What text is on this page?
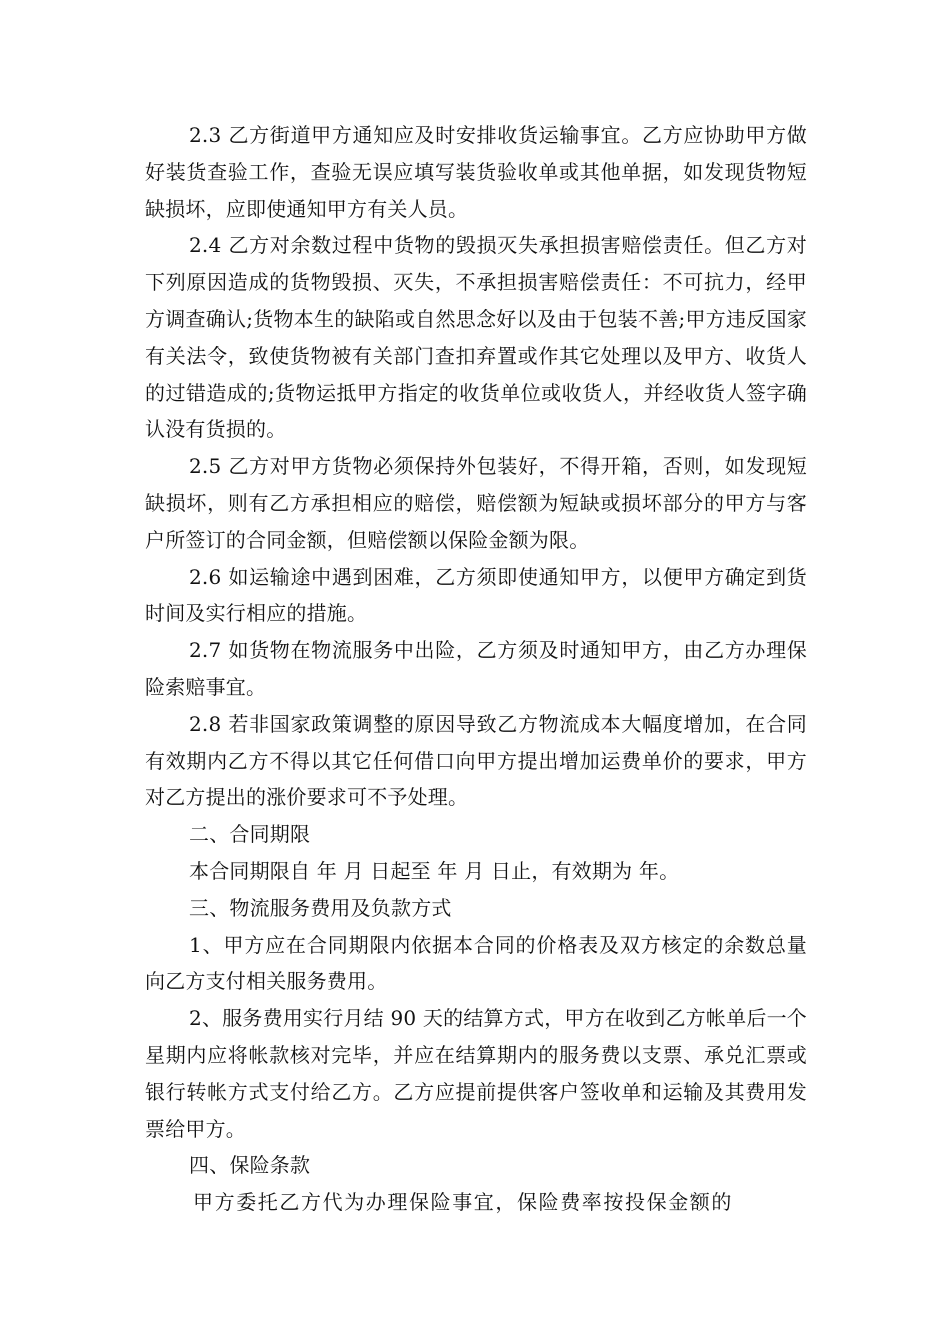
2.3 乙方街道甲方通知应及时安排收货运输事宜。乙方应协助甲方做好装货查验工作，查验无误应填写装货验收单或其他单据，如发现货物短缺损坏，应即使通知甲方有关人员。

2.4 乙方对余数过程中货物的毁损灭失承担损害赔偿责任。但乙方对下列原因造成的货物毁损、灭失，不承担损害赔偿责任：不可抗力，经甲方调查确认;货物本生的缺陷或自然思念好以及由于包装不善;甲方违反国家有关法令，致使货物被有关部门查扣弃置或作其它处理以及甲方、收货人的过错造成的;货物运抵甲方指定的收货单位或收货人，并经收货人签字确认没有货损的。

2.5 乙方对甲方货物必须保持外包装好，不得开箱，否则，如发现短缺损坏，则有乙方承担相应的赔偿，赔偿额为短缺或损坏部分的甲方与客户所签订的合同金额，但赔偿额以保险金额为限。

2.6 如运输途中遇到困难，乙方须即使通知甲方，以便甲方确定到货时间及实行相应的措施。

2.7 如货物在物流服务中出险，乙方须及时通知甲方，由乙方办理保险索赔事宜。

2.8 若非国家政策调整的原因导致乙方物流成本大幅度增加，在合同有效期内乙方不得以其它任何借口向甲方提出增加运费单价的要求，甲方对乙方提出的涨价要求可不予处理。

二、合同期限

本合同期限自 年 月 日起至 年 月 日止，有效期为 年。

三、物流服务费用及负款方式

1、甲方应在合同期限内依据本合同的价格表及双方核定的余数总量向乙方支付相关服务费用。

2、服务费用实行月结 90 天的结算方式，甲方在收到乙方帐单后一个星期内应将帐款核对完毕，并应在结算期内的服务费以支票、承兑汇票或银行转帐方式支付给乙方。乙方应提前提供客户签收单和运输及其费用发票给甲方。

四、保险条款

甲方委托乙方代为办理保险事宜，保险费率按投保金额的
